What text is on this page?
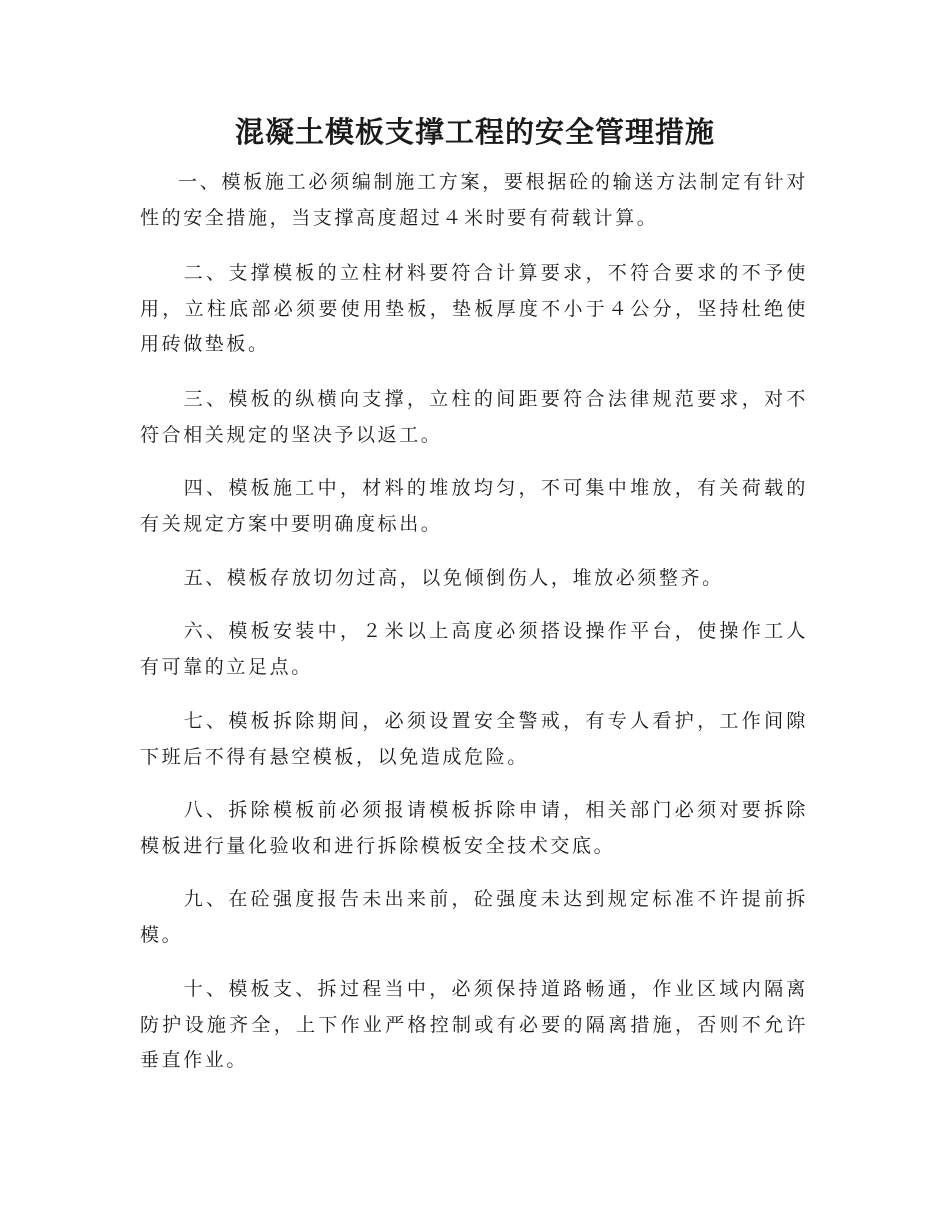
混凝土模板支撑工程的安全管理措施

一、模板施工必须编制施工方案，要根据砼的输送方法制定有针对性的安全措施，当支撑高度超过４米时要有荷载计算。

二、支撑模板的立柱材料要符合计算要求，不符合要求的不予使用，立柱底部必须要使用垫板，垫板厚度不小于４公分，坚持杜绝使用砖做垫板。

三、模板的纵横向支撑，立柱的间距要符合法律规范要求，对不符合相关规定的坚决予以返工。

四、模板施工中，材料的堆放均匀，不可集中堆放，有关荷载的有关规定方案中要明确度标出。

五、模板存放切勿过高，以免倾倒伤人，堆放必须整齐。

六、模板安装中，２米以上高度必须搭设操作平台，使操作工人有可靠的立足点。

七、模板拆除期间，必须设置安全警戒，有专人看护，工作间隙下班后不得有悬空模板，以免造成危险。

八、拆除模板前必须报请模板拆除申请，相关部门必须对要拆除模板进行量化验收和进行拆除模板安全技术交底。

九、在砼强度报告未出来前，砼强度未达到规定标准不许提前拆模。

十、模板支、拆过程当中，必须保持道路畅通，作业区域内隔离防护设施齐全，上下作业严格控制或有必要的隔离措施，否则不允许垂直作业。
